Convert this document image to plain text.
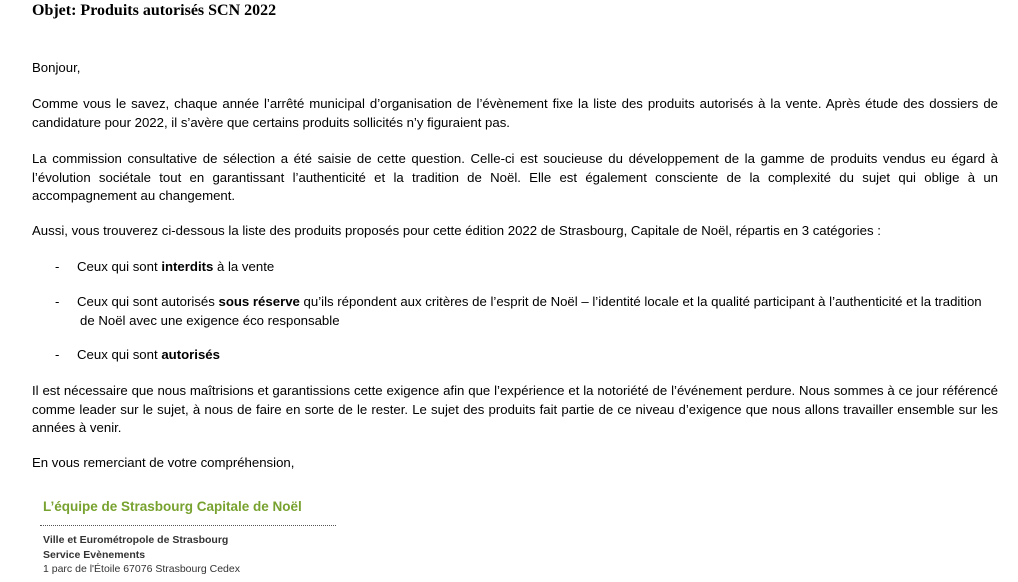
Objet: Produits autorisés SCN 2022

Bonjour,

Comme vous le savez, chaque année l’arrêté municipal d’organisation de l’évènement fixe la liste des produits autorisés à la vente. Après étude des dossiers de candidature pour 2022, il s’avère que certains produits sollicités n’y figuraient pas.

La commission consultative de sélection a été saisie de cette question. Celle-ci est soucieuse du développement de la gamme de produits vendus eu égard à l’évolution sociétale tout en garantissant l’authenticité et la tradition de Noël. Elle est également consciente de la complexité du sujet qui oblige à un accompagnement au changement.

Aussi, vous trouverez ci-dessous la liste des produits proposés pour cette édition 2022 de Strasbourg, Capitale de Noël, répartis en 3 catégories :

- Ceux qui sont interdits à la vente
- Ceux qui sont autorisés sous réserve qu’ils répondent aux critères de l’esprit de Noël – l’identité locale et la qualité participant à l’authenticité et la tradition
de Noël avec une exigence éco responsable
- Ceux qui sont autorisés

Il est nécessaire que nous maîtrisions et garantissions cette exigence afin que l’expérience et la notoriété de l’événement perdure. Nous sommes à ce jour référencé comme leader sur le sujet, à nous de faire en sorte de le rester. Le sujet des produits fait partie de ce niveau d’exigence que nous allons travailler ensemble sur les années à venir.

En vous remerciant de votre compréhension,

L’équipe de Strasbourg Capitale de Noël

Ville et Eurométropole de Strasbourg
Service Evènements
1 parc de l'Étoile 67076 Strasbourg Cedex
